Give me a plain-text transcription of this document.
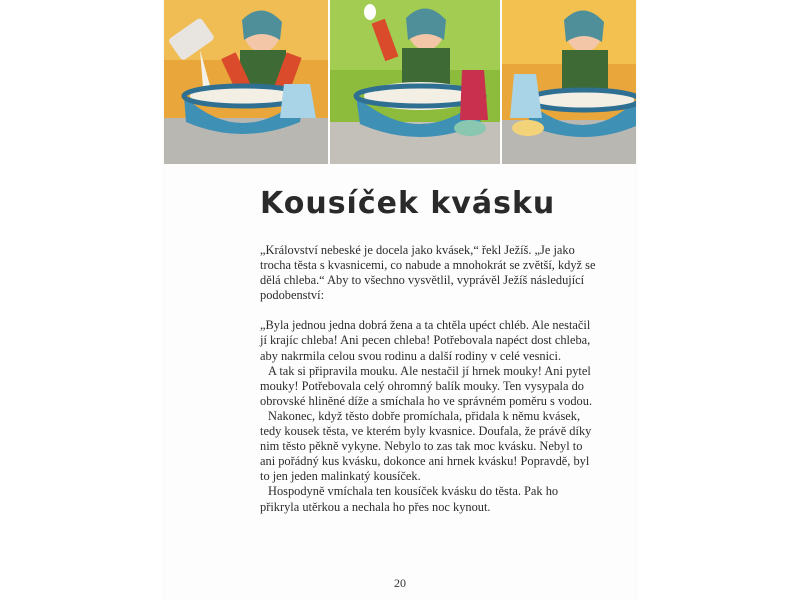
Kousíček kvásku

„Království nebeské je docela jako kvásek,“ řekl Ježíš. „Je jako trocha těsta s kvasnicemi, co nabude a mnohokrát se zvětší, když se dělá chleba.“ Aby to všechno vysvětlil, vyprávěl Ježíš následující podobenství:

„Byla jednou jedna dobrá žena a ta chtěla upéct chléb. Ale nestačil jí krajíc chleba! Ani pecen chleba! Potřebovala napéct dost chleba, aby nakrmila celou svou rodinu a další rodiny v celé vesnici.

A tak si připravila mouku. Ale nestačil jí hrnek mouky! Ani pytel mouky! Potřebovala celý ohromný balík mouky. Ten vysypala do obrovské hliněné díže a smíchala ho ve správném poměru s vodou.

Nakonec, když těsto dobře promíchala, přidala k němu kvásek, tedy kousek těsta, ve kterém byly kvasnice. Doufala, že právě díky nim těsto pěkně vykyne. Nebylo to zas tak moc kvásku. Nebyl to ani pořádný kus kvásku, dokonce ani hrnek kvásku! Popravdě, byl to jen jeden malinkatý kousíček.

Hospodyně vmíchala ten kousíček kvásku do těsta. Pak ho přikryla utěrkou a nechala ho přes noc kynout.

20
